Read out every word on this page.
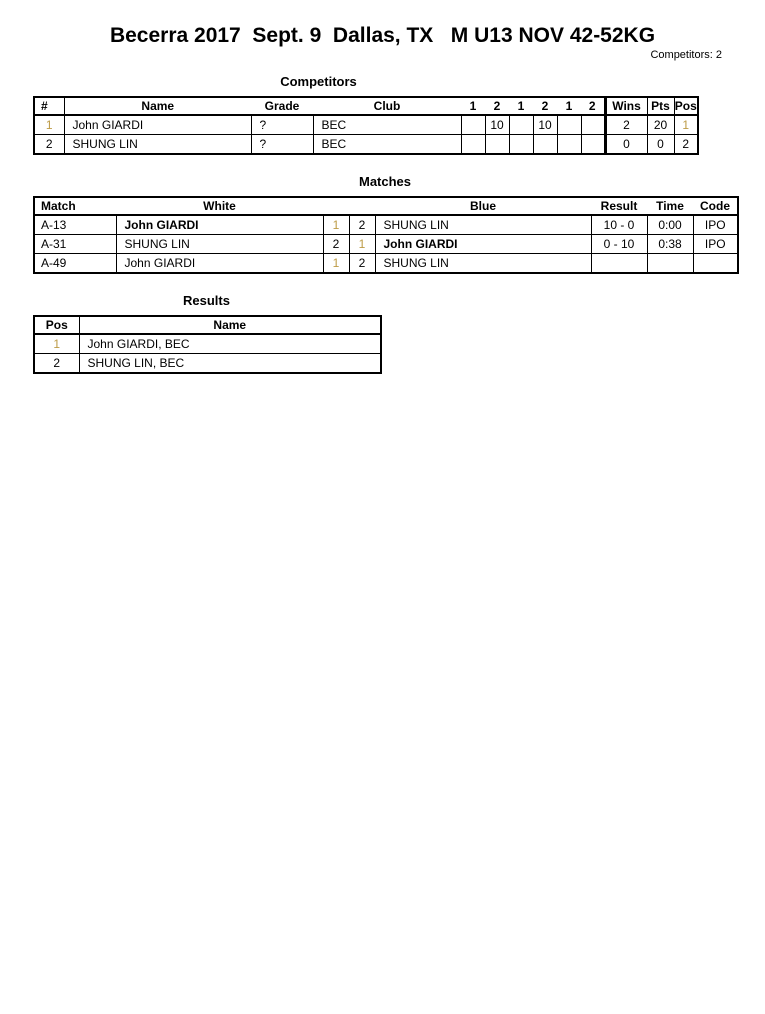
Becerra 2017  Sept. 9  Dallas, TX   M U13 NOV 42-52KG
Competitors: 2
Competitors
#	Name	Grade	Club	1	2	1	2	1	2	Wins	Pts	Pos
1	John GIARDI	?	BEC		10		10			2	20	1
2	SHUNG LIN	?	BEC							0	0	2
Matches
Match	White			Blue	Result	Time	Code
A-13	John GIARDI	1	2	SHUNG LIN	10 - 0	0:00	IPO
A-31	SHUNG LIN	2	1	John GIARDI	0 - 10	0:38	IPO
A-49	John GIARDI	1	2	SHUNG LIN			
Results
Pos	Name
1	John GIARDI, BEC
2	SHUNG LIN, BEC
